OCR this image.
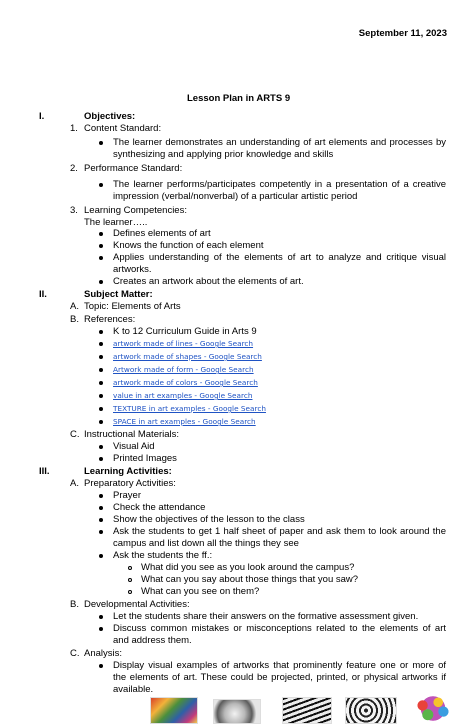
September 11, 2023
Lesson Plan in ARTS 9
I.	Objectives:
1. Content Standard:
The learner demonstrates an understanding of art elements and processes by synthesizing and applying prior knowledge and skills
2. Performance Standard:
The learner performs/participates competently in a presentation of a creative impression (verbal/nonverbal) of a particular artistic period
3. Learning Competencies:
The learner…..
Defines elements of art
Knows the function of each element
Applies understanding of the elements of art to analyze and critique visual artworks.
Creates an artwork about the elements of art.
II.	Subject Matter:
A. Topic: Elements of Arts
B. References:
K to 12 Curriculum Guide in Arts 9
artwork made of lines - Google Search
artwork made of shapes - Google Search
Artwork made of form - Google Search
artwork made of colors - Google Search
value in art examples - Google Search
TEXTURE in art examples - Google Search
SPACE in art examples - Google Search
C. Instructional Materials:
Visual Aid
Printed Images
III.	Learning Activities:
A. Preparatory Activities:
Prayer
Check the attendance
Show the objectives of the lesson to the class
Ask the students to get 1 half sheet of paper and ask them to look around the campus and list down all the things they see
Ask the students the ff.:
What did you see as you look around the campus?
What can you say about those things that you saw?
What can you see on them?
B. Developmental Activities:
Let the students share their answers on the formative assessment given.
Discuss common mistakes or misconceptions related to the elements of art and address them.
C. Analysis:
Display visual examples of artworks that prominently feature one or more of the elements of art. These could be projected, printed, or physical artworks if available.
